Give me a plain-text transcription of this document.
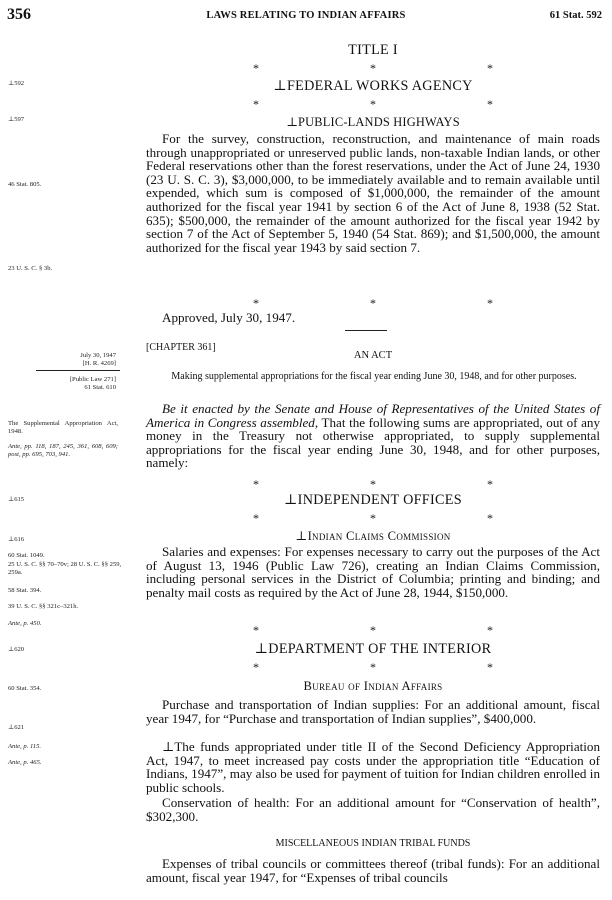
356	LAWS RELATING TO INDIAN AFFAIRS	61 Stat. 592
⊥592
⊥597
46 Stat. 805.
23 U. S. C. § 3b.
July 30, 1947
[H. R. 4269]
[Public Law 271]
61 Stat. 610
The Supplemental Appropriation Act, 1948.
Ante, pp. 118, 187, 245, 361, 608, 609; post, pp. 695, 703, 941.
⊥615
⊥616
60 Stat. 1049.
25 U. S. C. §§ 70–70v; 28 U. S. C. §§ 259, 259a.
58 Stat. 394.
39 U. S. C. §§ 321c–321h.
Ante, p. 450.
⊥620
60 Stat. 354.
⊥621
Ante, p. 115.
Ante, p. 465.
TITLE I
* * *
⊥FEDERAL WORKS AGENCY
* * *
⊥PUBLIC-LANDS HIGHWAYS

For the survey, construction, reconstruction, and maintenance of main roads through unappropriated or unreserved public lands, non-taxable Indian lands, or other Federal reservations other than the forest reservations, under the Act of June 24, 1930 (23 U. S. C. 3), $3,000,000, to be immediately available and to remain available until expended, which sum is composed of $1,000,000, the remainder of the amount authorized for the fiscal year 1941 by section 6 of the Act of June 8, 1938 (52 Stat. 635); $500,000, the remainder of the amount authorized for the fiscal year 1942 by section 7 of the Act of September 5, 1940 (54 Stat. 869); and $1,500,000, the amount authorized for the fiscal year 1943 by said section 7.

* * *
Approved, July 30, 1947.
[CHAPTER 361]
AN ACT
Making supplemental appropriations for the fiscal year ending June 30, 1948, and for other purposes.

Be it enacted by the Senate and House of Representatives of the United States of America in Congress assembled, That the following sums are appropriated, out of any money in the Treasury not otherwise appropriated, to supply supplemental appropriations for the fiscal year ending June 30, 1948, and for other purposes, namely:

* * *
⊥INDEPENDENT OFFICES
* * *
⊥Indian Claims Commission

Salaries and expenses: For expenses necessary to carry out the purposes of the Act of August 13, 1946 (Public Law 726), creating an Indian Claims Commission, including personal services in the District of Columbia; printing and binding; and penalty mail costs as required by the Act of June 28, 1944, $150,000.

* * *
⊥DEPARTMENT OF THE INTERIOR
* * *
Bureau of Indian Affairs

Purchase and transportation of Indian supplies: For an additional amount, fiscal year 1947, for “Purchase and transportation of Indian supplies”, $400,000.

⊥The funds appropriated under title II of the Second Deficiency Appropriation Act, 1947, to meet increased pay costs under the appropriation title “Education of Indians, 1947”, may also be used for payment of tuition for Indian children enrolled in public schools.

Conservation of health: For an additional amount for “Conservation of health”, $302,300.

MISCELLANEOUS INDIAN TRIBAL FUNDS

Expenses of tribal councils or committees thereof (tribal funds): For an additional amount, fiscal year 1947, for “Expenses of tribal councils
